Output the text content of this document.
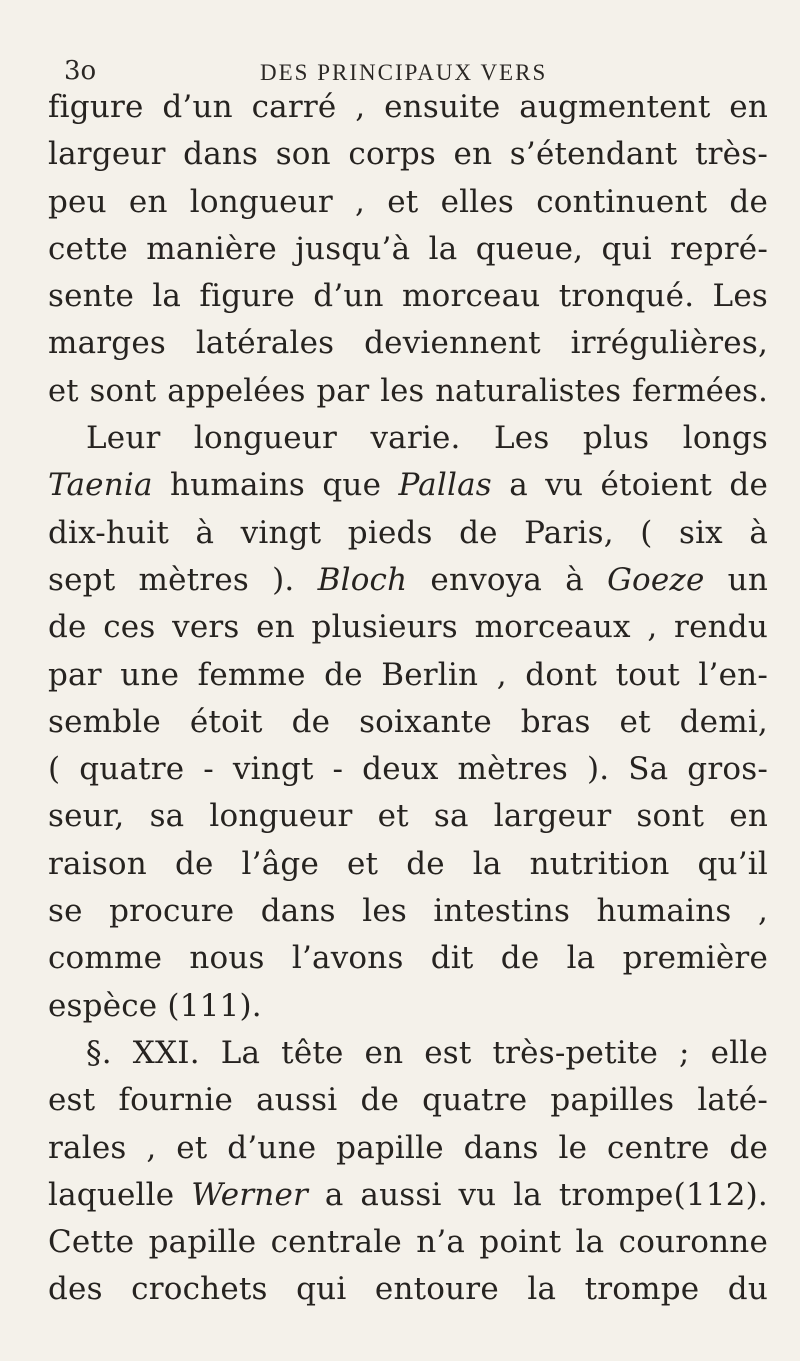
3o	DES PRINCIPAUX VERS
figure d’un carré , ensuite augmentent en
largeur dans son corps en s’étendant très-
peu en longueur , et elles continuent de
cette manière jusqu’à la queue, qui repré-
sente la figure d’un morceau tronqué. Les
marges latérales deviennent irrégulières,
et sont appelées par les naturalistes fermées.
Leur longueur varie. Les plus longs
Taenia humains que Pallas a vu étoient de
dix-huit à vingt pieds de Paris, ( six à
sept mètres ). Bloch envoya à Goeze un
de ces vers en plusieurs morceaux , rendu
par une femme de Berlin , dont tout l’en-
semble étoit de soixante bras et demi,
( quatre - vingt - deux mètres ). Sa gros-
seur, sa longueur et sa largeur sont en
raison de l’âge et de la nutrition qu’il
se procure dans les intestins humains ,
comme nous l’avons dit de la première
espèce (111).
§. XXI. La tête en est très-petite ; elle
est fournie aussi de quatre papilles laté-
rales , et d’une papille dans le centre de
laquelle Werner a aussi vu la trompe(112).
Cette papille centrale n’a point la couronne
des crochets qui entoure la trompe du
